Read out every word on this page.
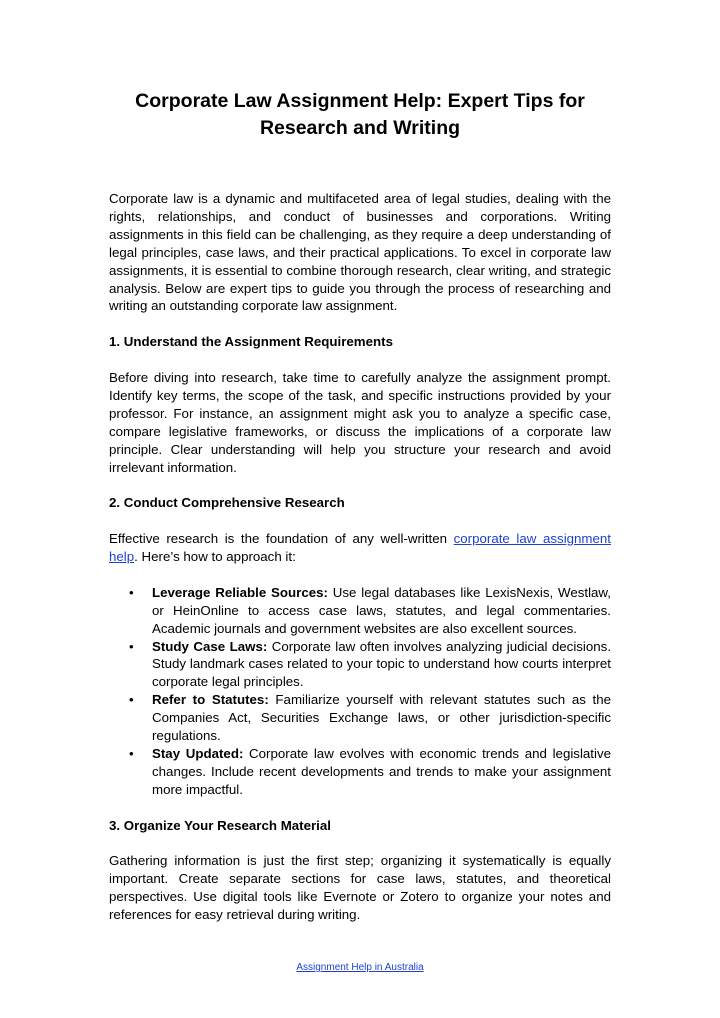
Corporate Law Assignment Help: Expert Tips for Research and Writing

Corporate law is a dynamic and multifaceted area of legal studies, dealing with the rights, relationships, and conduct of businesses and corporations. Writing assignments in this field can be challenging, as they require a deep understanding of legal principles, case laws, and their practical applications. To excel in corporate law assignments, it is essential to combine thorough research, clear writing, and strategic analysis. Below are expert tips to guide you through the process of researching and writing an outstanding corporate law assignment.

1. Understand the Assignment Requirements

Before diving into research, take time to carefully analyze the assignment prompt. Identify key terms, the scope of the task, and specific instructions provided by your professor. For instance, an assignment might ask you to analyze a specific case, compare legislative frameworks, or discuss the implications of a corporate law principle. Clear understanding will help you structure your research and avoid irrelevant information.

2. Conduct Comprehensive Research

Effective research is the foundation of any well-written corporate law assignment help. Here’s how to approach it:

• Leverage Reliable Sources: Use legal databases like LexisNexis, Westlaw, or HeinOnline to access case laws, statutes, and legal commentaries. Academic journals and government websites are also excellent sources.
• Study Case Laws: Corporate law often involves analyzing judicial decisions. Study landmark cases related to your topic to understand how courts interpret corporate legal principles.
• Refer to Statutes: Familiarize yourself with relevant statutes such as the Companies Act, Securities Exchange laws, or other jurisdiction-specific regulations.
• Stay Updated: Corporate law evolves with economic trends and legislative changes. Include recent developments and trends to make your assignment more impactful.

3. Organize Your Research Material

Gathering information is just the first step; organizing it systematically is equally important. Create separate sections for case laws, statutes, and theoretical perspectives. Use digital tools like Evernote or Zotero to organize your notes and references for easy retrieval during writing.

Assignment Help in Australia
